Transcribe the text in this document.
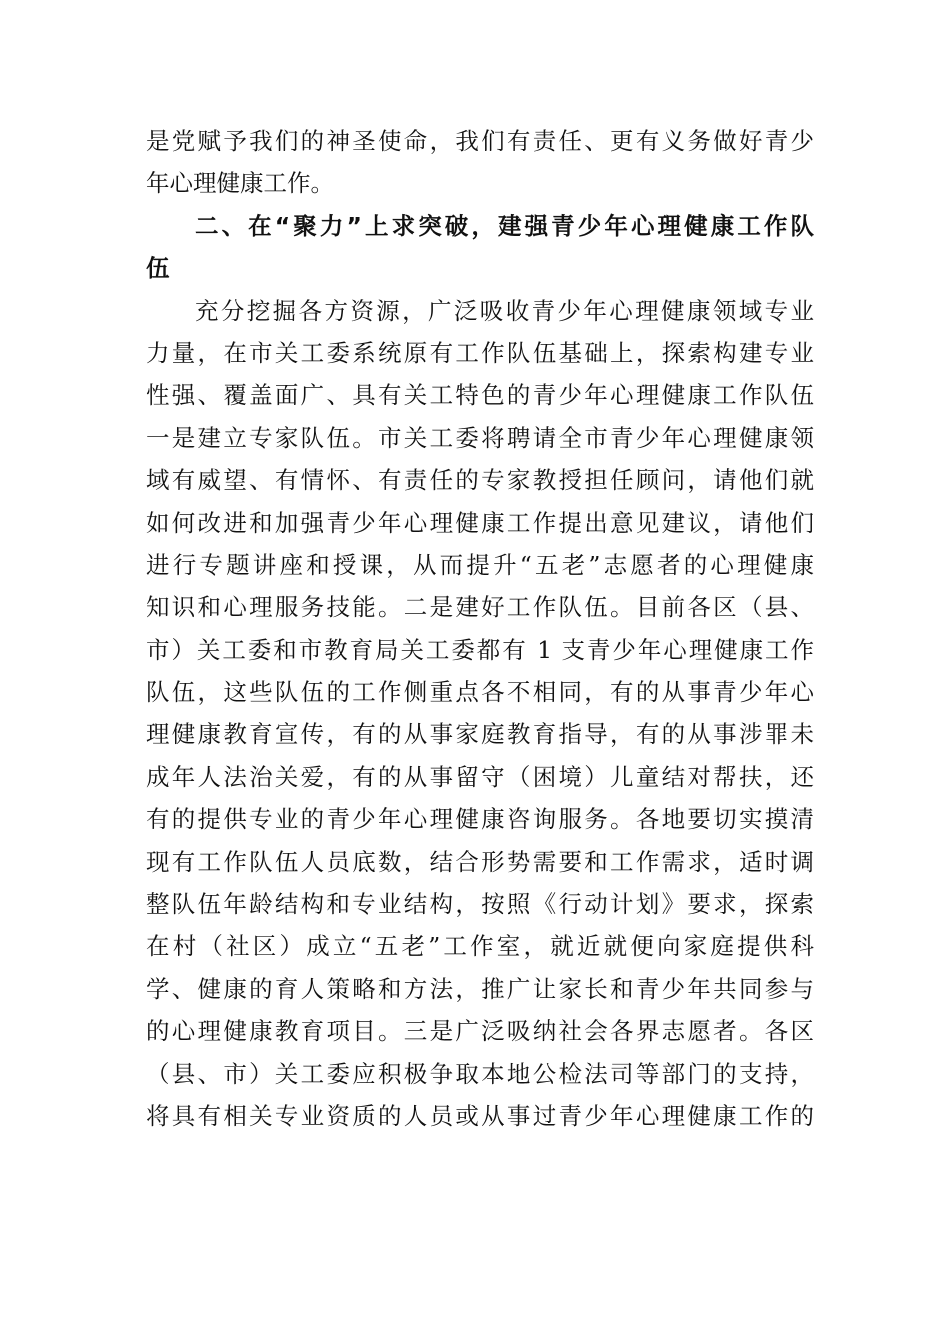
是党赋予我们的神圣使命，我们有责任、更有义务做好青少
年心理健康工作。
二、在“聚力”上求突破，建强青少年心理健康工作队
伍
充分挖掘各方资源，广泛吸收青少年心理健康领域专业
力量，在市关工委系统原有工作队伍基础上，探索构建专业
性强、覆盖面广、具有关工特色的青少年心理健康工作队伍
一是建立专家队伍。市关工委将聘请全市青少年心理健康领
域有威望、有情怀、有责任的专家教授担任顾问，请他们就
如何改进和加强青少年心理健康工作提出意见建议，请他们
进行专题讲座和授课，从而提升“五老”志愿者的心理健康
知识和心理服务技能。二是建好工作队伍。目前各区（县、
市）关工委和市教育局关工委都有 1 支青少年心理健康工作
队伍，这些队伍的工作侧重点各不相同，有的从事青少年心
理健康教育宣传，有的从事家庭教育指导，有的从事涉罪未
成年人法治关爱，有的从事留守（困境）儿童结对帮扶，还
有的提供专业的青少年心理健康咨询服务。各地要切实摸清
现有工作队伍人员底数，结合形势需要和工作需求，适时调
整队伍年龄结构和专业结构，按照《行动计划》要求，探索
在村（社区）成立“五老”工作室，就近就便向家庭提供科
学、健康的育人策略和方法，推广让家长和青少年共同参与
的心理健康教育项目。三是广泛吸纳社会各界志愿者。各区
（县、市）关工委应积极争取本地公检法司等部门的支持，
将具有相关专业资质的人员或从事过青少年心理健康工作的
